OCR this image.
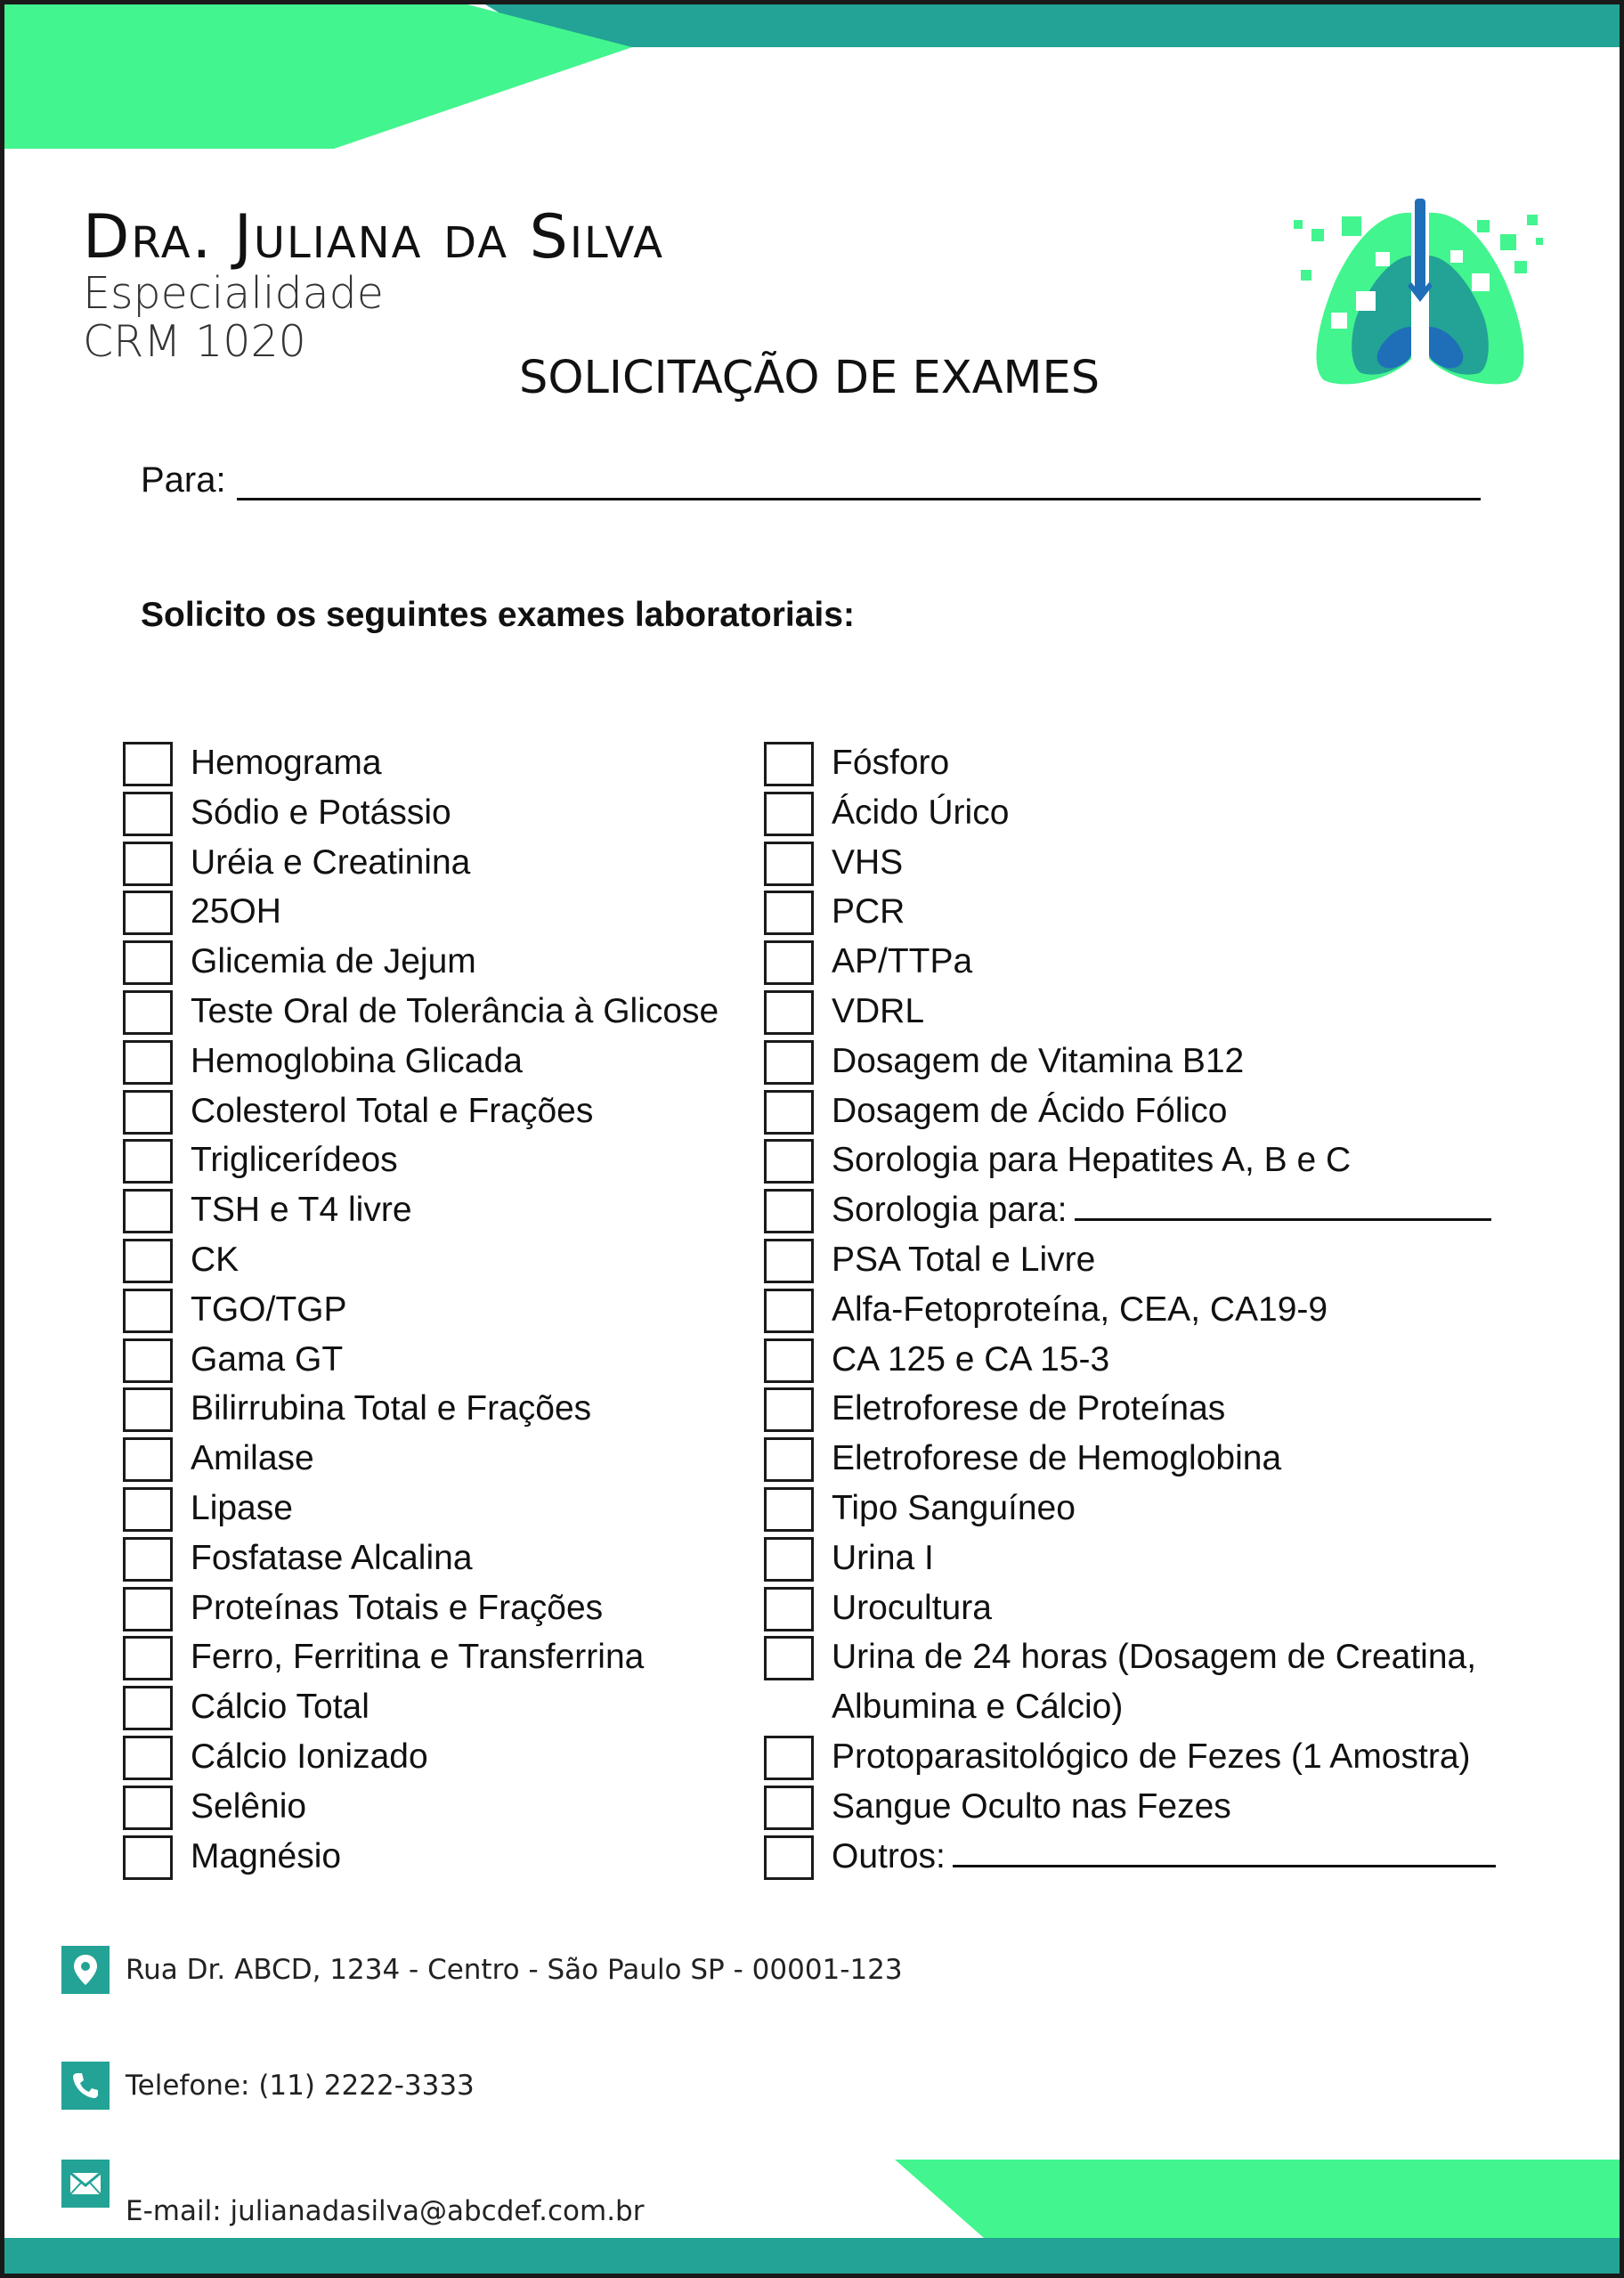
Dra. Juliana da Silva
Especialidade
CRM 1020
SOLICITAÇÃO DE EXAMES
Para:
Solicito os seguintes exames laboratoriais:
Hemograma
Sódio e Potássio
Uréia e Creatinina
25OH
Glicemia de Jejum
Teste Oral de Tolerância à Glicose
Hemoglobina Glicada
Colesterol Total e Frações
Triglicerídeos
TSH e T4 livre
CK
TGO/TGP
Gama GT
Bilirrubina Total e Frações
Amilase
Lipase
Fosfatase Alcalina
Proteínas Totais e Frações
Ferro, Ferritina e Transferrina
Cálcio Total
Cálcio Ionizado
Selênio
Magnésio
Fósforo
Ácido Úrico
VHS
PCR
AP/TTPa
VDRL
Dosagem de Vitamina B12
Dosagem de Ácido Fólico
Sorologia para Hepatites A, B e C
Sorologia para:
PSA Total e Livre
Alfa-Fetoproteína, CEA, CA19-9
CA 125 e CA 15-3
Eletroforese de Proteínas
Eletroforese de Hemoglobina
Tipo Sanguíneo
Urina I
Urocultura
Urina de 24 horas (Dosagem de Creatina, Albumina e Cálcio)
Protoparasitológico de Fezes (1 Amostra)
Sangue Oculto nas Fezes
Outros:
Rua Dr. ABCD, 1234 - Centro - São Paulo SP - 00001-123
Telefone: (11) 2222-3333
E-mail: julianadasilva@abcdef.com.br
